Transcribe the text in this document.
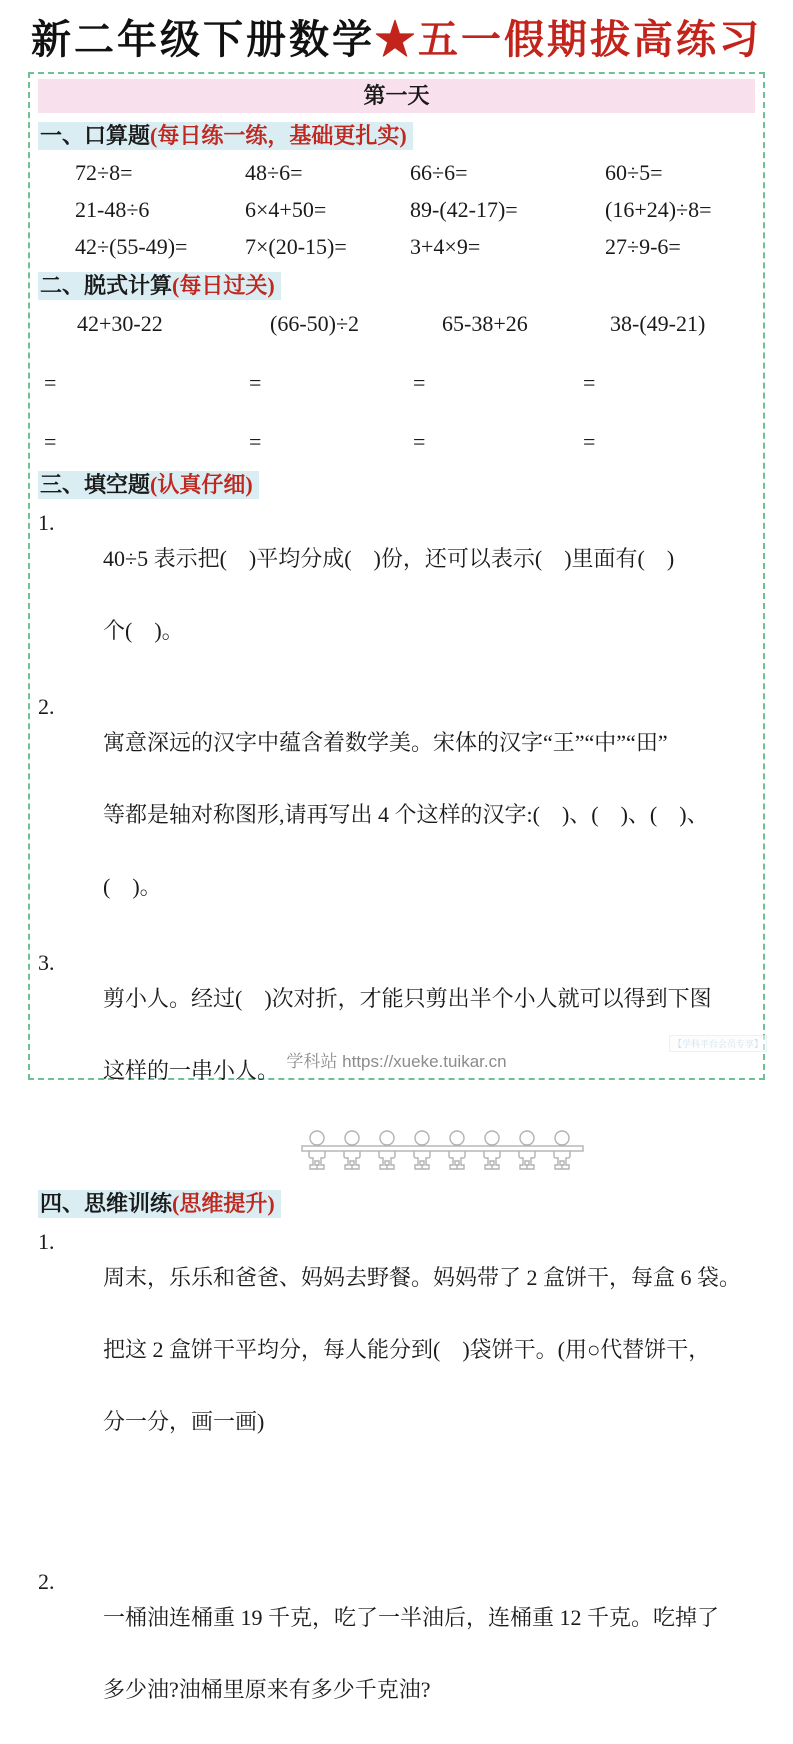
新二年级下册数学★五一假期拔高练习
第一天
一、口算题(每日练一练，基础更扎实)
72÷8=	48÷6=	66÷6=	60÷5=
21-48÷6	6×4+50=	89-(42-17)=	(16+24)÷8=
42÷(55-49)=	7×(20-15)=	3+4×9=	27÷9-6=
二、脱式计算(每日过关)
42+30-22	(66-50)÷2	65-38+26	38-(49-21)
=	=	=	=
=	=	=	=
三、填空题(认真仔细)
1.

40÷5 表示把(　)平均分成(　)份，还可以表示(　)里面有(　)

个(　)。

2.

寓意深远的汉字中蕴含着数学美。宋体的汉字“王”“中”“田”

等都是轴对称图形,请再写出 4 个这样的汉字:(　)、(　)、(　)、

(　)。

3.

剪小人。经过(　)次对折，才能只剪出半个小人就可以得到下图

这样的一串小人。

四、思维训练(思维提升)
1.

周末，乐乐和爸爸、妈妈去野餐。妈妈带了 2 盒饼干，每盒 6 袋。

把这 2 盒饼干平均分，每人能分到(　)袋饼干。(用○代替饼干，

分一分，画一画)

2.

一桶油连桶重 19 千克，吃了一半油后，连桶重 12 千克。吃掉了

多少油?油桶里原来有多少千克油?

【学科平台会员专享】
学科站 https://xueke.tuikar.cn
